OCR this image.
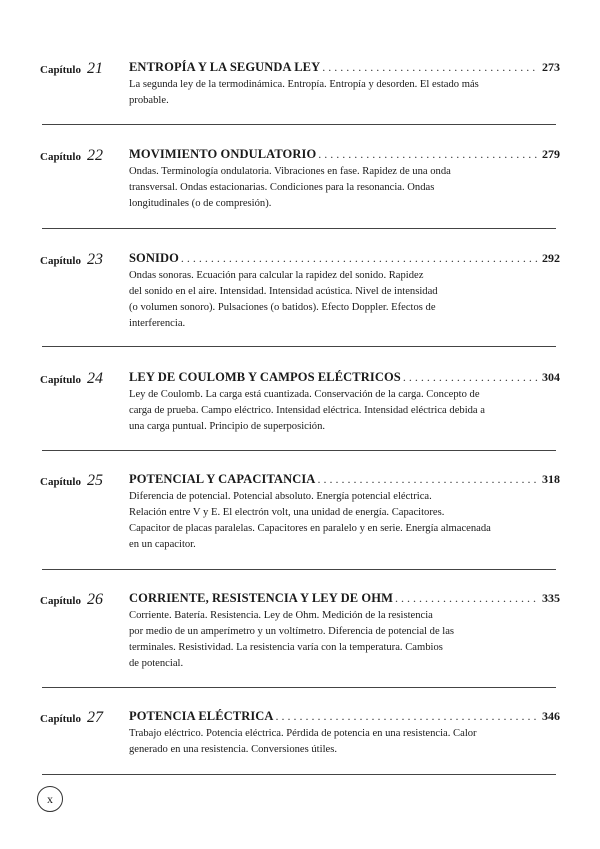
Capítulo 21	ENTROPÍA Y LA SEGUNDA LEY . . .	273
La segunda ley de la termodinámica. Entropía. Entropía y desorden. El estado más
probable.
Capítulo 22	MOVIMIENTO ONDULATORIO . . .	279
Ondas. Terminología ondulatoria. Vibraciones en fase. Rapidez de una onda
transversal. Ondas estacionarias. Condiciones para la resonancia. Ondas
longitudinales (o de compresión).
Capítulo 23	SONIDO . . .	292
Ondas sonoras. Ecuación para calcular la rapidez del sonido. Rapidez
del sonido en el aire. Intensidad. Intensidad acústica. Nivel de intensidad
(o volumen sonoro). Pulsaciones (o batidos). Efecto Doppler. Efectos de
interferencia.
Capítulo 24	LEY DE COULOMB Y CAMPOS ELÉCTRICOS . . .	304
Ley de Coulomb. La carga está cuantizada. Conservación de la carga. Concepto de
carga de prueba. Campo eléctrico. Intensidad eléctrica. Intensidad eléctrica debida a
una carga puntual. Principio de superposición.
Capítulo 25	POTENCIAL Y CAPACITANCIA . . .	318
Diferencia de potencial. Potencial absoluto. Energía potencial eléctrica.
Relación entre V y E. El electrón volt, una unidad de energía. Capacitores.
Capacitor de placas paralelas. Capacitores en paralelo y en serie. Energía almacenada
en un capacitor.
Capítulo 26	CORRIENTE, RESISTENCIA Y LEY DE OHM . . .	335
Corriente. Batería. Resistencia. Ley de Ohm. Medición de la resistencia
por medio de un amperímetro y un voltímetro. Diferencia de potencial de las
terminales. Resistividad. La resistencia varía con la temperatura. Cambios
de potencial.
Capítulo 27	POTENCIA ELÉCTRICA . . .	346
Trabajo eléctrico. Potencia eléctrica. Pérdida de potencia en una resistencia. Calor
generado en una resistencia. Conversiones útiles.
x
